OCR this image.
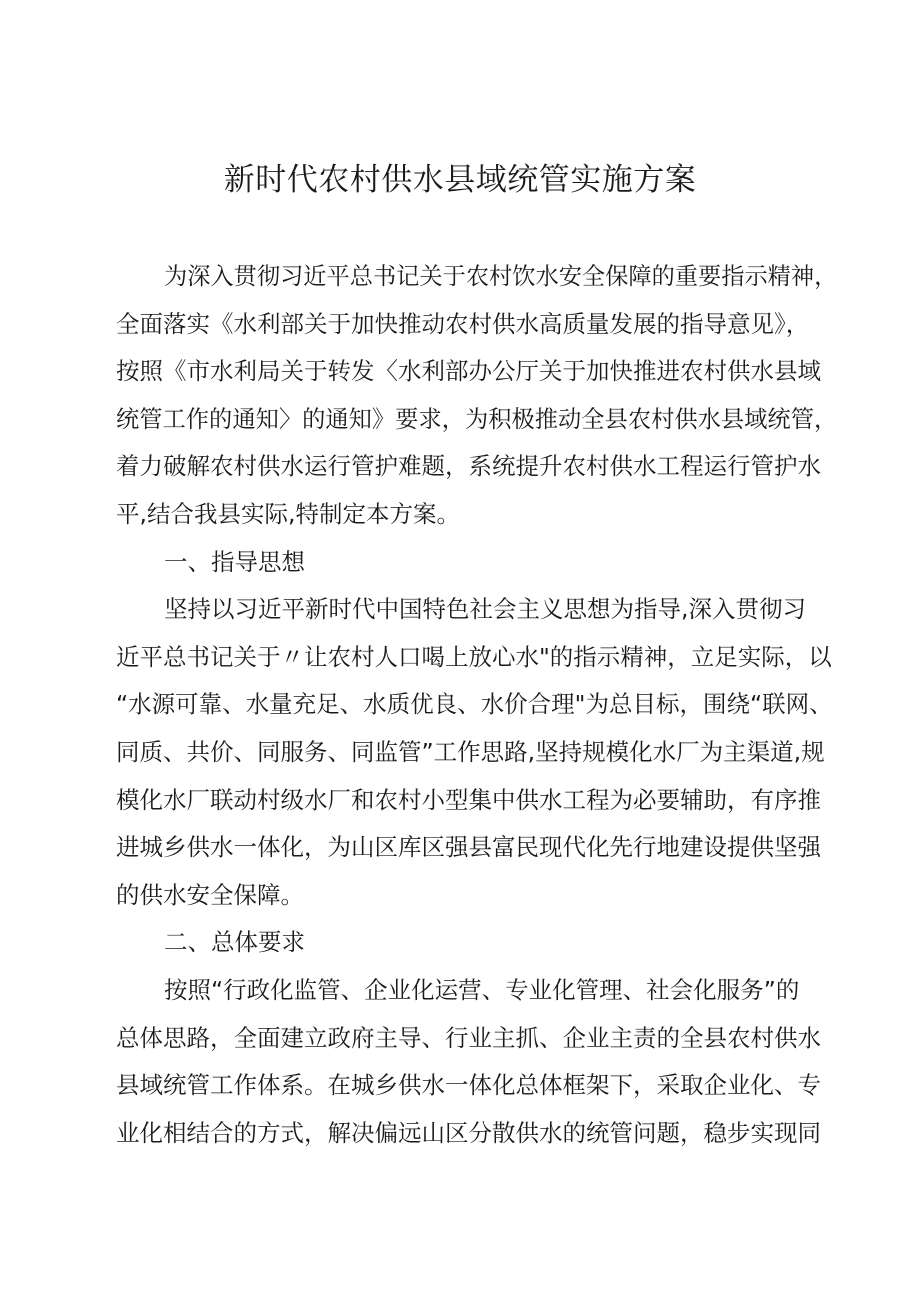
新时代农村供水县域统管实施方案
为深入贯彻习近平总书记关于农村饮水安全保障的重要指示精神，
全面落实《水利部关于加快推动农村供水高质量发展的指导意见》，
按照《市水利局关于转发〈水利部办公厅关于加快推进农村供水县域
统管工作的通知〉的通知》要求，为积极推动全县农村供水县域统管，
着力破解农村供水运行管护难题，系统提升农村供水工程运行管护水
平,结合我县实际,特制定本方案。
一、指导思想
坚持以习近平新时代中国特色社会主义思想为指导,深入贯彻习
近平总书记关于〃让农村人口喝上放心水"的指示精神，立足实际，以
“水源可靠、水量充足、水质优良、水价合理"为总目标，围绕“联网、
同质、共价、同服务、同监管”工作思路,坚持规模化水厂为主渠道,规
模化水厂联动村级水厂和农村小型集中供水工程为必要辅助，有序推
进城乡供水一体化，为山区库区强县富民现代化先行地建设提供坚强
的供水安全保障。
二、总体要求
按照“行政化监管、企业化运营、专业化管理、社会化服务”的
总体思路，全面建立政府主导、行业主抓、企业主责的全县农村供水
县域统管工作体系。在城乡供水一体化总体框架下，采取企业化、专
业化相结合的方式，解决偏远山区分散供水的统管问题，稳步实现同
